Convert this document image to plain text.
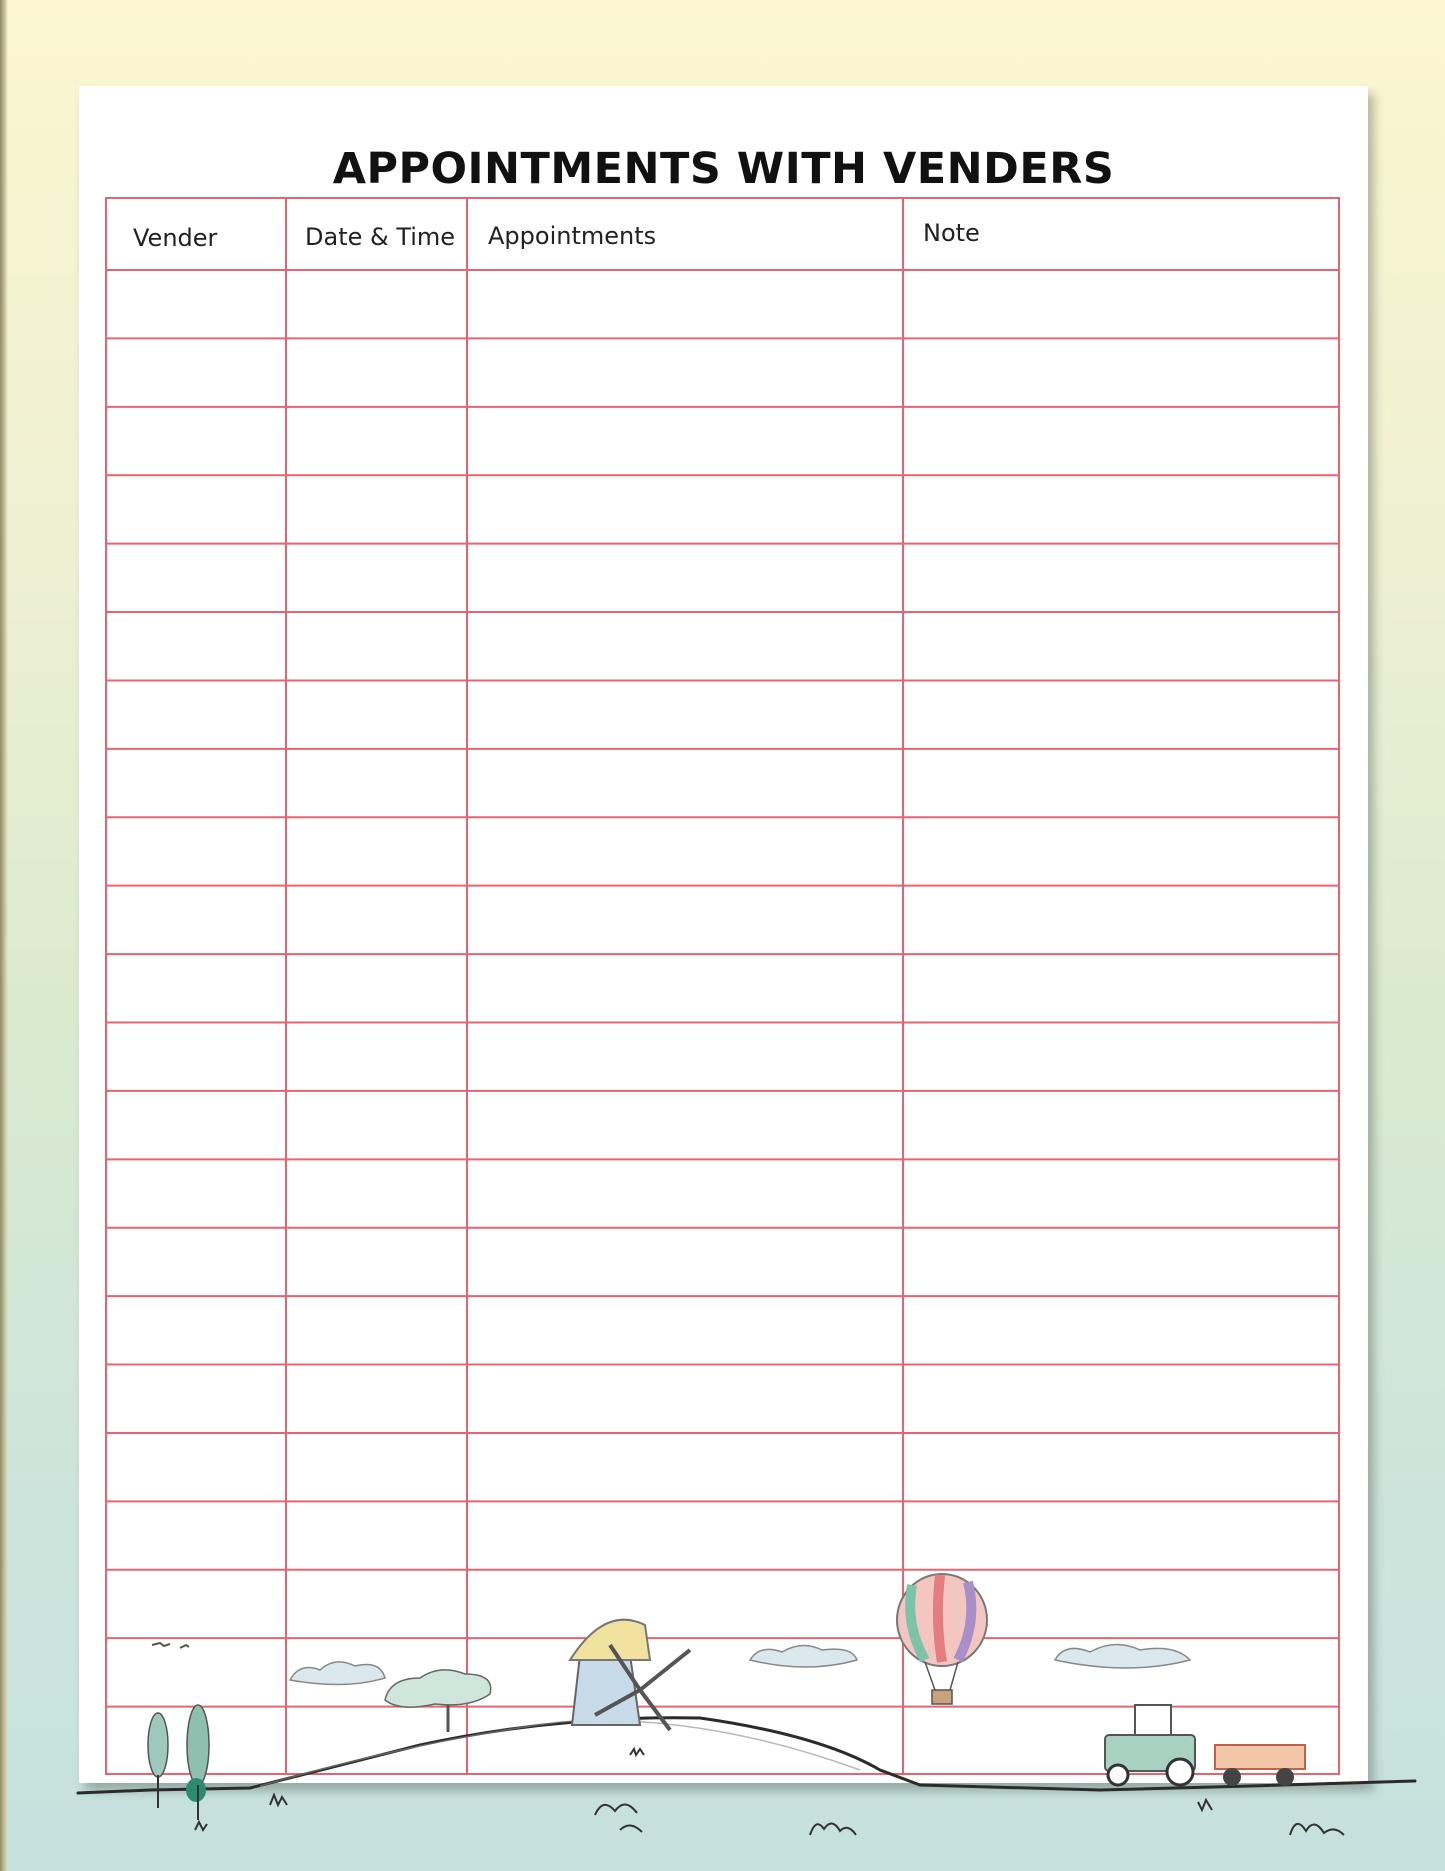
APPOINTMENTS WITH VENDERS
Vender	Date & Time Appointments	Note
